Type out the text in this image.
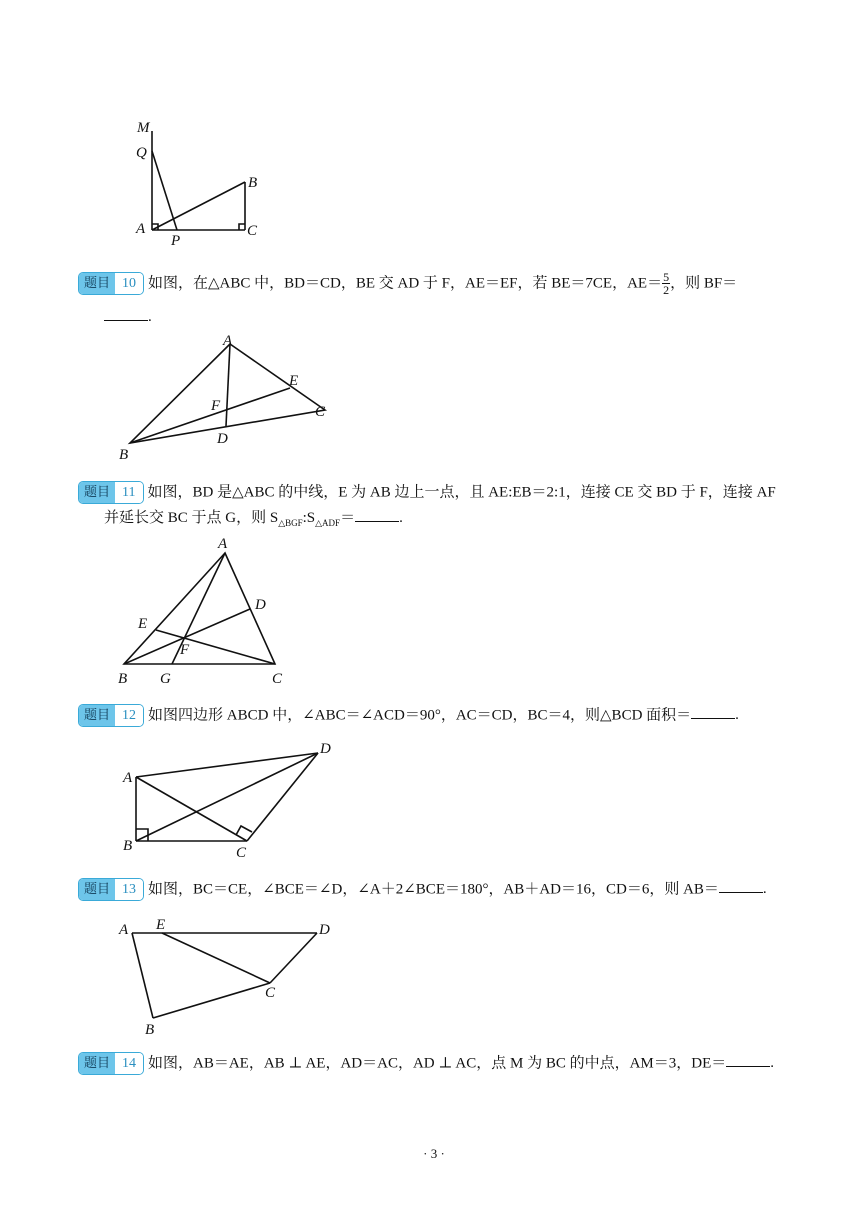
M
Q
B
A
P
C
题目 10 如图，在△ABC 中，BD＝CD，BE 交 AD 于 F，AE＝EF，若 BE＝7CE，$AE= \frac{5}{2}$ ，则 BF＝
.
A
E
F	C
D
B
题目 11 如图，BD 是△ABC 的中线，E 为 AB 边上一点，且 AE:EB＝2:1，连接 CE 交 BD 于 F，连接 AF
并延长交 BC 于点 G，则 $S_{\triangle BGF}:S_{\triangle ADF}=$	.
A
D
E
F
B G	C
题目 12 如图四边形 ABCD 中，∠ABC＝∠ACD＝90°，AC＝CD，BC＝4，则△BCD 面积＝	.
D
A
B	C
题目 13 如图，BC＝CE，∠BCE＝∠D，∠A＋2∠BCE＝180°，AB＋AD＝16，CD＝6，则 AB＝	.
A E	D
C
B
题目 14 如图，AB＝AE，AB ⊥ AE，AD＝AC，AD ⊥ AC，点 M 为 BC 的中点，AM＝3，DE＝	.
· 3 ·
